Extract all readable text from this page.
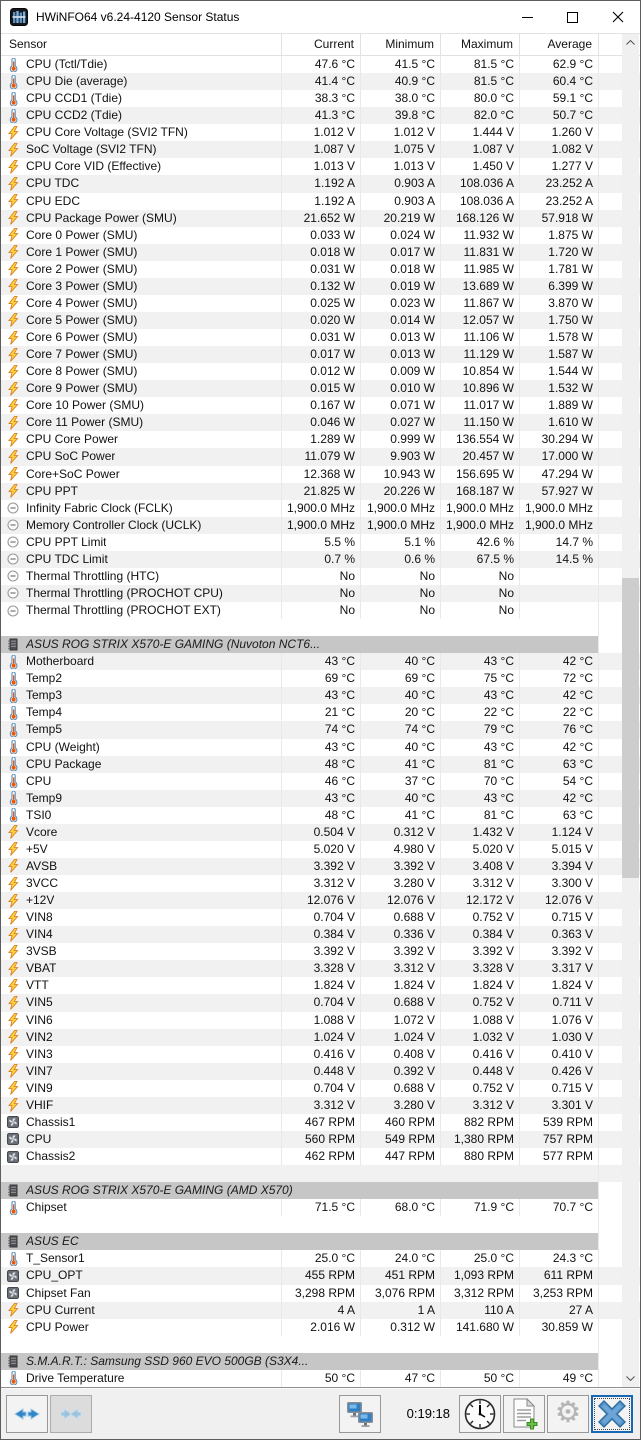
HWiNFO64 v6.24-4120 Sensor Status
Sensor	Current	Minimum	Maximum	Average
CPU (Tctl/Tdie)	47.6 °C	41.5 °C	81.5 °C	62.9 °C
CPU Die (average)	41.4 °C	40.9 °C	81.5 °C	60.4 °C
CPU CCD1 (Tdie)	38.3 °C	38.0 °C	80.0 °C	59.1 °C
CPU CCD2 (Tdie)	41.3 °C	39.8 °C	82.0 °C	50.7 °C
CPU Core Voltage (SVI2 TFN)	1.012 V	1.012 V	1.444 V	1.260 V
SoC Voltage (SVI2 TFN)	1.087 V	1.075 V	1.087 V	1.082 V
CPU Core VID (Effective)	1.013 V	1.013 V	1.450 V	1.277 V
CPU TDC	1.192 A	0.903 A	108.036 A	23.252 A
CPU EDC	1.192 A	0.903 A	108.036 A	23.252 A
CPU Package Power (SMU)	21.652 W	20.219 W	168.126 W	57.918 W
Core 0 Power (SMU)	0.033 W	0.024 W	11.932 W	1.875 W
Core 1 Power (SMU)	0.018 W	0.017 W	11.831 W	1.720 W
Core 2 Power (SMU)	0.031 W	0.018 W	11.985 W	1.781 W
Core 3 Power (SMU)	0.132 W	0.019 W	13.689 W	6.399 W
Core 4 Power (SMU)	0.025 W	0.023 W	11.867 W	3.870 W
Core 5 Power (SMU)	0.020 W	0.014 W	12.057 W	1.750 W
Core 6 Power (SMU)	0.031 W	0.013 W	11.106 W	1.578 W
Core 7 Power (SMU)	0.017 W	0.013 W	11.129 W	1.587 W
Core 8 Power (SMU)	0.012 W	0.009 W	10.854 W	1.544 W
Core 9 Power (SMU)	0.015 W	0.010 W	10.896 W	1.532 W
Core 10 Power (SMU)	0.167 W	0.071 W	11.017 W	1.889 W
Core 11 Power (SMU)	0.046 W	0.027 W	11.150 W	1.610 W
CPU Core Power	1.289 W	0.999 W	136.554 W	30.294 W
CPU SoC Power	11.079 W	9.903 W	20.457 W	17.000 W
Core+SoC Power	12.368 W	10.943 W	156.695 W	47.294 W
CPU PPT	21.825 W	20.226 W	168.187 W	57.927 W
Infinity Fabric Clock (FCLK)	1,900.0 MHz 1,900.0 MHz 1,900.0 MHz 1,900.0 MHz
Memory Controller Clock (UCLK)	1,900.0 MHz 1,900.0 MHz 1,900.0 MHz 1,900.0 MHz
CPU PPT Limit	5.5 %	5.1 %	42.6 %	14.7 %
CPU TDC Limit	0.7 %	0.6 %	67.5 %	14.5 %
Thermal Throttling (HTC)	No	No	No
Thermal Throttling (PROCHOT CPU)	No	No	No
Thermal Throttling (PROCHOT EXT)	No	No	No
ASUS ROG STRIX X570-E GAMING (Nuvoton NCT6...
Motherboard	43 °C	40 °C	43 °C	42 °C
Temp2	69 °C	69 °C	75 °C	72 °C
Temp3	43 °C	40 °C	43 °C	42 °C
Temp4	21 °C	20 °C	22 °C	22 °C
Temp5	74 °C	74 °C	79 °C	76 °C
CPU (Weight)	43 °C	40 °C	43 °C	42 °C
CPU Package	48 °C	41 °C	81 °C	63 °C
CPU	46 °C	37 °C	70 °C	54 °C
Temp9	43 °C	40 °C	43 °C	42 °C
TSI0	48 °C	41 °C	81 °C	63 °C
Vcore	0.504 V	0.312 V	1.432 V	1.124 V
+5V	5.020 V	4.980 V	5.020 V	5.015 V
AVSB	3.392 V	3.392 V	3.408 V	3.394 V
3VCC	3.312 V	3.280 V	3.312 V	3.300 V
+12V	12.076 V	12.076 V	12.172 V	12.076 V
VIN8	0.704 V	0.688 V	0.752 V	0.715 V
VIN4	0.384 V	0.336 V	0.384 V	0.363 V
3VSB	3.392 V	3.392 V	3.392 V	3.392 V
VBAT	3.328 V	3.312 V	3.328 V	3.317 V
VTT	1.824 V	1.824 V	1.824 V	1.824 V
VIN5	0.704 V	0.688 V	0.752 V	0.711 V
VIN6	1.088 V	1.072 V	1.088 V	1.076 V
VIN2	1.024 V	1.024 V	1.032 V	1.030 V
VIN3	0.416 V	0.408 V	0.416 V	0.410 V
VIN7	0.448 V	0.392 V	0.448 V	0.426 V
VIN9	0.704 V	0.688 V	0.752 V	0.715 V
VHIF	3.312 V	3.280 V	3.312 V	3.301 V
Chassis1	467 RPM	460 RPM	882 RPM	539 RPM
CPU	560 RPM	549 RPM	1,380 RPM	757 RPM
Chassis2	462 RPM	447 RPM	880 RPM	577 RPM
ASUS ROG STRIX X570-E GAMING (AMD X570)
Chipset	71.5 °C	68.0 °C	71.9 °C	70.7 °C
ASUS EC
T_Sensor1	25.0 °C	24.0 °C	25.0 °C	24.3 °C
CPU_OPT	455 RPM	451 RPM	1,093 RPM	611 RPM
Chipset Fan	3,298 RPM	3,076 RPM	3,312 RPM	3,253 RPM
CPU Current	4 A	1 A	110 A	27 A
CPU Power	2.016 W	0.312 W	141.680 W	30.859 W
S.M.A.R.T.: Samsung SSD 960 EVO 500GB (S3X4...
Drive Temperature	50 °C	47 °C	50 °C	49 °C
0:19:18	⚙
